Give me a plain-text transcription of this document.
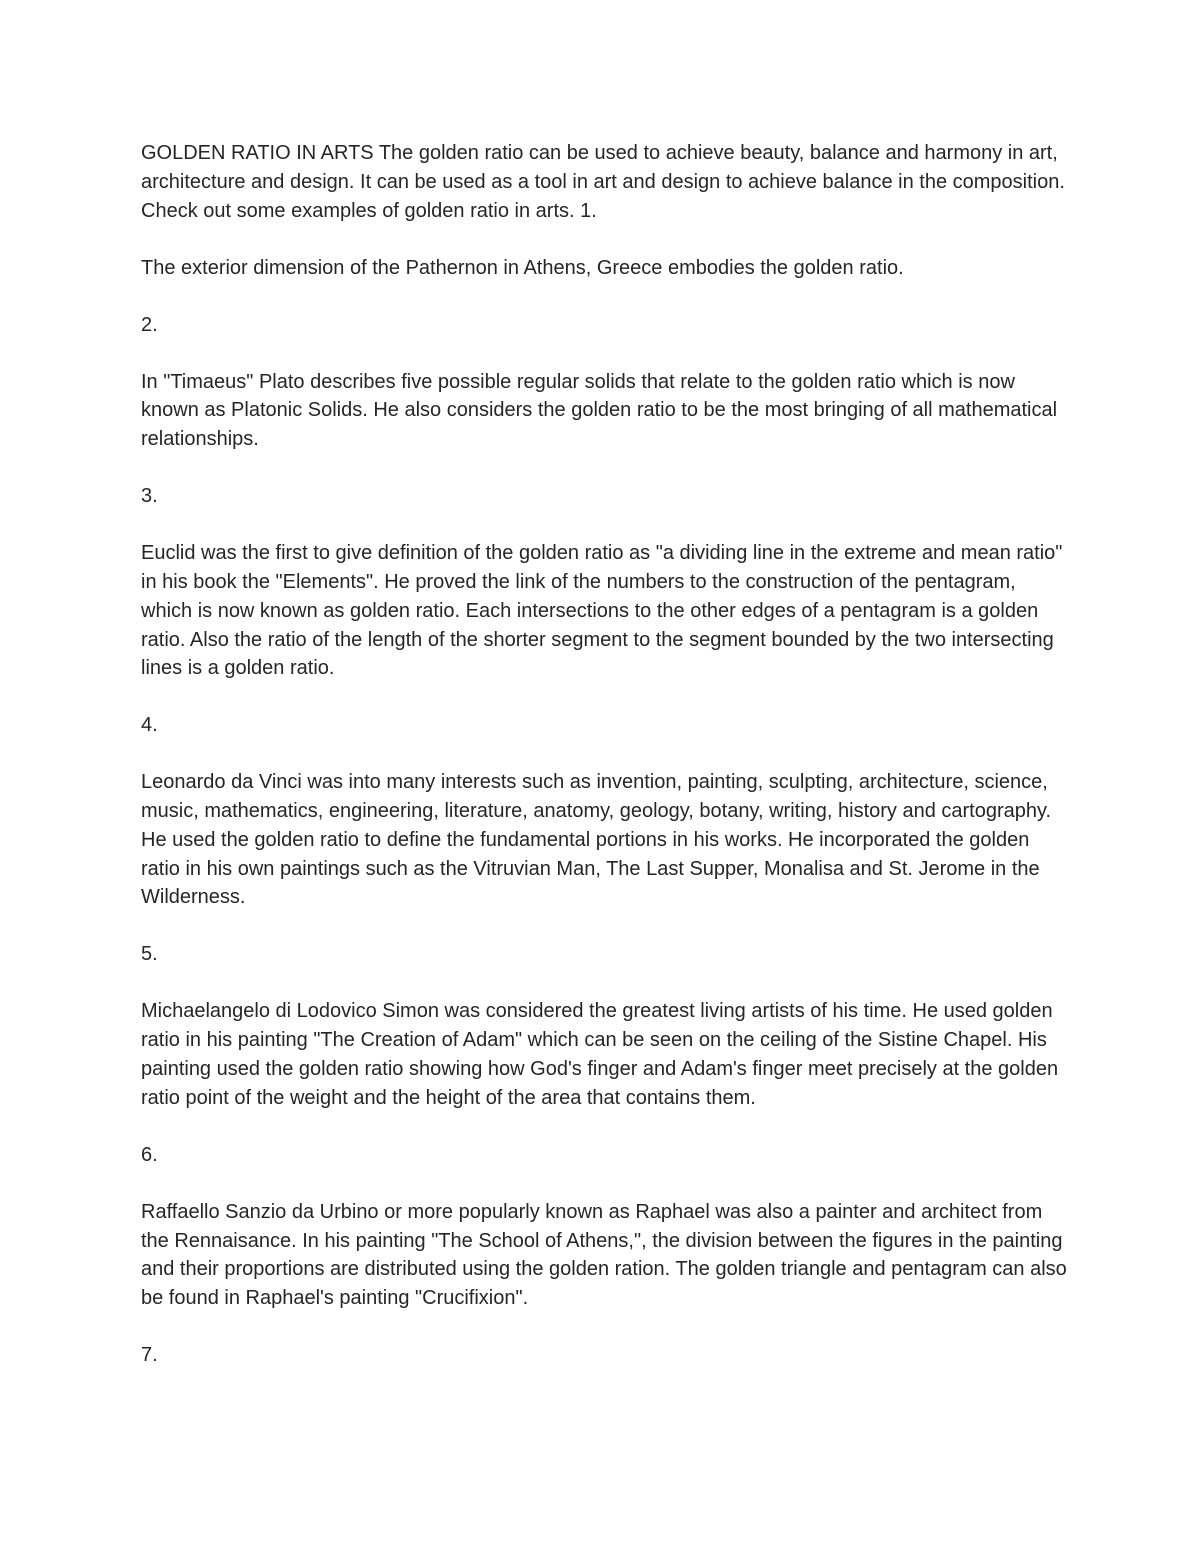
GOLDEN RATIO IN ARTS The golden ratio can be used to achieve beauty, balance and harmony in art, architecture and design. It can be used as a tool in art and design to achieve balance in the composition. Check out some examples of golden ratio in arts. 1.

The exterior dimension of the Pathernon in Athens, Greece embodies the golden ratio.

2.

In "Timaeus" Plato describes five possible regular solids that relate to the golden ratio which is now known as Platonic Solids. He also considers the golden ratio to be the most bringing of all mathematical relationships.

3.

Euclid was the first to give definition of the golden ratio as "a dividing line in the extreme and mean ratio" in his book the "Elements". He proved the link of the numbers to the construction of the pentagram, which is now known as golden ratio. Each intersections to the other edges of a pentagram is a golden ratio. Also the ratio of the length of the shorter segment to the segment bounded by the two intersecting lines is a golden ratio.

4.

Leonardo da Vinci was into many interests such as invention, painting, sculpting, architecture, science, music, mathematics, engineering, literature, anatomy, geology, botany, writing, history and cartography. He used the golden ratio to define the fundamental portions in his works. He incorporated the golden ratio in his own paintings such as the Vitruvian Man, The Last Supper, Monalisa and St. Jerome in the Wilderness.

5.

Michaelangelo di Lodovico Simon was considered the greatest living artists of his time. He used golden ratio in his painting "The Creation of Adam" which can be seen on the ceiling of the Sistine Chapel. His painting used the golden ratio showing how God's finger and Adam's finger meet precisely at the golden ratio point of the weight and the height of the area that contains them.

6.

Raffaello Sanzio da Urbino or more popularly known as Raphael was also a painter and architect from the Rennaisance. In his painting "The School of Athens,", the division between the figures in the painting and their proportions are distributed using the golden ration. The golden triangle and pentagram can also be found in Raphael's painting "Crucifixion".

7.
